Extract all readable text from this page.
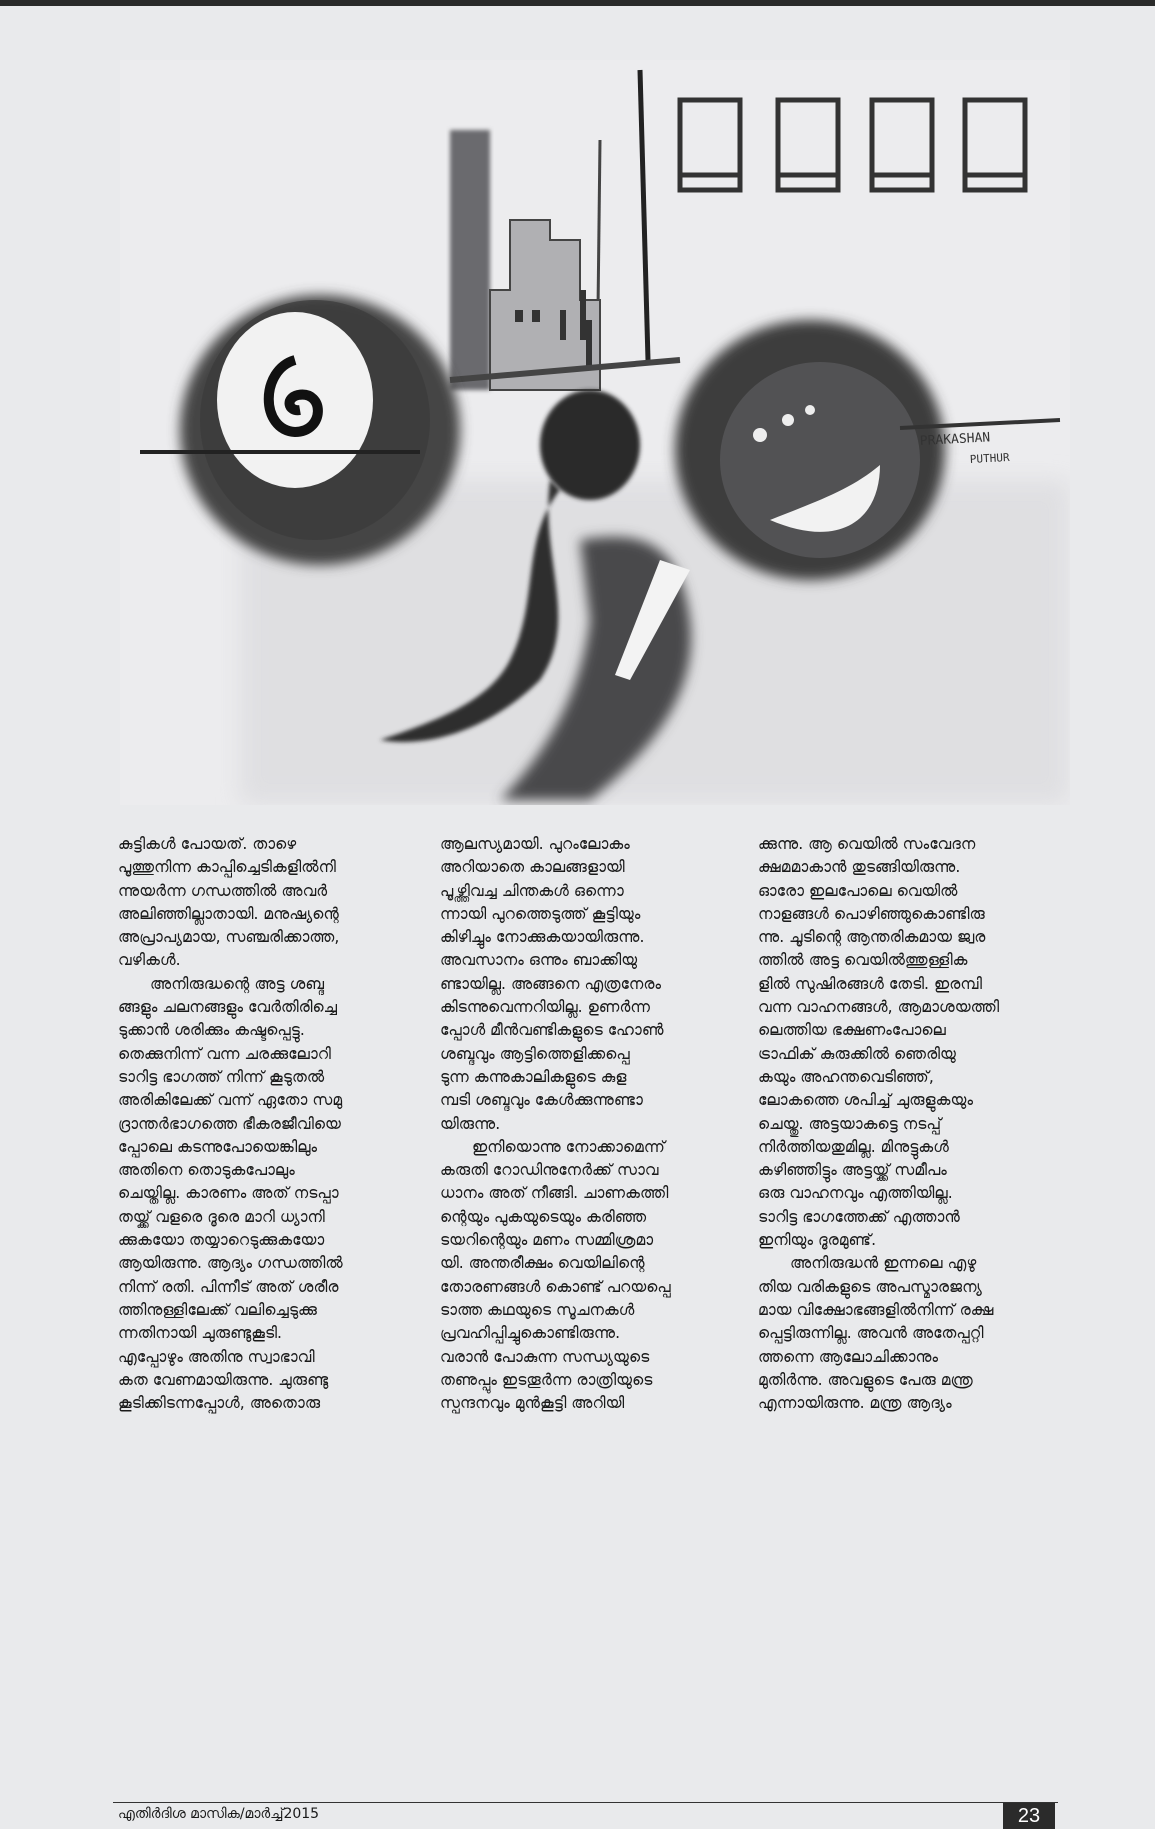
PRAKASHAN
PUTHUR

കുട്ടികൾ പോയത്. താഴെ

പൂത്തുനിന്ന കാപ്പിച്ചെടികളിൽനി

ന്നുയർന്ന ഗന്ധത്തിൽ അവർ

അലിഞ്ഞില്ലാതായി. മനുഷ്യന്റെ

അപ്രാപ്യമായ, സഞ്ചരിക്കാത്ത,

വഴികൾ.

അനിരുദ്ധന്റെ അട്ട ശബ്ദ

ങ്ങളും ചലനങ്ങളും വേർതിരിച്ചെ

ടുക്കാൻ ശരിക്കും കഷ്ടപ്പെട്ടു.

തെക്കുനിന്ന് വന്ന ചരക്കുലോറി

ടാറിട്ട ഭാഗത്ത് നിന്ന് കൂടുതൽ

അരികിലേക്ക് വന്ന് ഏതോ സമു

ദ്രാന്തർഭാഗത്തെ ഭീകരജീവിയെ

പ്പോലെ കടന്നുപോയെങ്കിലും

അതിനെ തൊടുകപോലും

ചെയ്തില്ല. കാരണം അത് നടപ്പാ

തയ്ക്ക് വളരെ ദൂരെ മാറി ധ്യാനി

ക്കുകയോ തയ്യാറെടുക്കുകയോ

ആയിരുന്നു. ആദ്യം ഗന്ധത്തിൽ

നിന്ന് രതി. പിന്നീട് അത് ശരീര

ത്തിനുള്ളിലേക്ക് വലിച്ചെടുക്കു

ന്നതിനായി ചുരുണ്ടുകൂടി.

എപ്പോഴും അതിനു സ്വാഭാവി

കത വേണമായിരുന്നു. ചുരുണ്ടു

കൂടിക്കിടന്നപ്പോൾ, അതൊരു

ആലസ്യമായി. പുറംലോകം

അറിയാതെ കാലങ്ങളായി

പൂഴ്ത്തിവച്ച ചിന്തകൾ ഒന്നൊ

ന്നായി പുറത്തെടുത്ത് കൂട്ടിയും

കിഴിച്ചും നോക്കുകയായിരുന്നു.

അവസാനം ഒന്നും ബാക്കിയു

ണ്ടായില്ല. അങ്ങനെ എത്രനേരം

കിടന്നുവെന്നറിയില്ല. ഉണർന്ന

പ്പോൾ മീൻവണ്ടികളുടെ ഹോൺ

ശബ്ദവും ആട്ടിത്തെളിക്കപ്പെ

ടുന്ന കന്നുകാലികളുടെ കുള

മ്പടി ശബ്ദവും കേൾക്കുന്നുണ്ടാ

യിരുന്നു.

ഇനിയൊന്നു നോക്കാമെന്ന്

കരുതി റോഡിനുനേർക്ക് സാവ

ധാനം അത് നീങ്ങി. ചാണകത്തി

ന്റെയും പുകയുടെയും കരിഞ്ഞ

ടയറിന്റെയും മണം സമ്മിശ്രമാ

യി. അന്തരീക്ഷം വെയിലിന്റെ

തോരണങ്ങൾ കൊണ്ട് പറയപ്പെ

ടാത്ത കഥയുടെ സൂചനകൾ

പ്രവഹിപ്പിച്ചുകൊണ്ടിരുന്നു.

വരാൻ പോകുന്ന സന്ധ്യയുടെ

തണുപ്പും ഇടതൂർന്ന രാത്രിയുടെ

സ്പന്ദനവും മുൻകൂട്ടി അറിയി

ക്കുന്നു. ആ വെയിൽ സംവേദന

ക്ഷമമാകാൻ തുടങ്ങിയിരുന്നു.

ഓരോ ഇലപോലെ വെയിൽ

നാളങ്ങൾ പൊഴിഞ്ഞുകൊണ്ടിരു

ന്നു. ചൂടിന്റെ ആന്തരികമായ ജ്വര

ത്തിൽ അട്ട വെയിൽത്തുള്ളിക

ളിൽ സുഷിരങ്ങൾ തേടി. ഇരമ്പി

വന്ന വാഹനങ്ങൾ, ആമാശയത്തി

ലെത്തിയ ഭക്ഷണംപോലെ

ട്രാഫിക് കുരുക്കിൽ ഞെരിയു

കയും അഹന്തവെടിഞ്ഞ്,

ലോകത്തെ ശപിച്ച് ചുരുളുകയും

ചെയ്തു. അട്ടയാകട്ടെ നടപ്പ്

നിർത്തിയതുമില്ല. മിനുട്ടുകൾ

കഴിഞ്ഞിട്ടും അട്ടയ്ക്ക് സമീപം

ഒരു വാഹനവും എത്തിയില്ല.

ടാറിട്ട ഭാഗത്തേക്ക് എത്താൻ

ഇനിയും ദൂരമുണ്ട്.

അനിരുദ്ധൻ ഇന്നലെ എഴു

തിയ വരികളുടെ അപസ്മാരജന്യ

മായ വിക്ഷോഭങ്ങളിൽനിന്ന് രക്ഷ

പ്പെട്ടിരുന്നില്ല. അവൻ അതേപ്പറ്റി

ത്തന്നെ ആലോചിക്കാനും

മുതിർന്നു. അവളുടെ പേരു മന്ത്ര

എന്നായിരുന്നു. മന്ത്ര ആദ്യം

എതിർദിശ മാസിക/മാർച്ച്2015	23
